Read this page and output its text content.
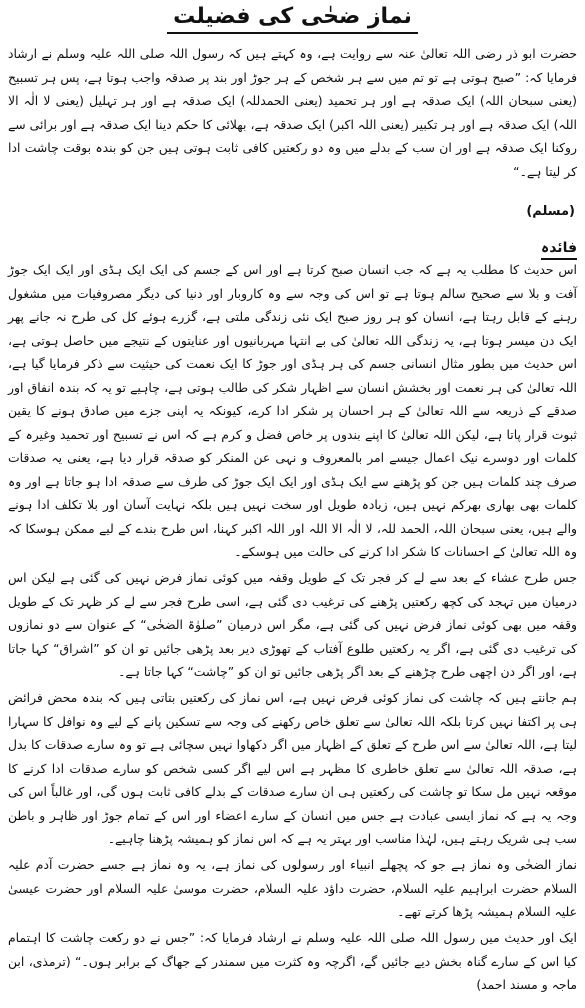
نماز ضحٰی کی فضیلت
حضرت ابو ذر رضی اللہ تعالیٰ عنہ سے روایت ہے، وہ کہتے ہیں کہ رسول اللہ صلی اللہ علیہ وسلم نے ارشاد فرمایا کہ: ”صبح ہوتی ہے تو تم میں سے ہر شخص کے ہر جوڑ اور بند پر صدقہ واجب ہوتا ہے، پس ہر تسبیح (یعنی سبحان اللہ) ایک صدقہ ہے اور ہر تحمید (یعنی الحمدللہ) ایک صدقہ ہے اور ہر تہلیل (یعنی لا الٰہ الا اللہ) ایک صدقہ ہے اور ہر تکبیر (یعنی اللہ اکبر) ایک صدقہ ہے، بھلائی کا حکم دینا ایک صدقہ ہے اور برائی سے روکنا ایک صدقہ ہے اور ان سب کے بدلے میں وہ دو رکعتیں کافی ثابت ہوتی ہیں جن کو بندہ بوقت چاشت ادا کر لیتا ہے۔“
(مسلم)
فائدہ
اس حدیث کا مطلب یہ ہے کہ جب انسان صبح کرتا ہے اور اس کے جسم کی ایک ایک ہڈی اور ایک ایک جوڑ آفت و بلا سے صحیح سالم ہوتا ہے تو اس کی وجہ سے وہ کاروبار اور دنیا کی دیگر مصروفیات میں مشغول رہنے کے قابل رہتا ہے، انسان کو ہر روز صبح ایک نئی زندگی ملتی ہے، گزرے ہوئے کل کی طرح نہ جانے پھر ایک دن میسر ہوتا ہے، یہ زندگی اللہ تعالیٰ کی بے انتہا مہربانیوں اور عنایتوں کے نتیجے میں حاصل ہوتی ہے، اس حدیث میں بطور مثال انسانی جسم کی ہر ہڈی اور جوڑ کا ایک نعمت کی حیثیت سے ذکر فرمایا گیا ہے، اللہ تعالیٰ کی ہر نعمت اور بخشش انسان سے اظہار شکر کی طالب ہوتی ہے، چاہیے تو یہ کہ بندہ انفاق اور صدقے کے ذریعہ سے اللہ تعالیٰ کے ہر احسان پر شکر ادا کرے، کیونکہ یہ اپنی جزے میں صادق ہونے کا یقین ثبوت قرار پاتا ہے، لیکن اللہ تعالیٰ کا اپنے بندوں پر خاص فضل و کرم ہے کہ اس نے تسبیح اور تحمید وغیرہ کے کلمات اور دوسرے نیک اعمال جیسے امر بالمعروف و نہی عن المنکر کو صدقہ قرار دیا ہے، یعنی یہ صدقات صرف چند کلمات ہیں جن کو پڑھنے سے ایک ہڈی اور ایک ایک جوڑ کی طرف سے صدقہ ادا ہو جاتا ہے اور وہ کلمات بھی بھاری بھرکم نہیں ہیں، زیادہ طویل اور سخت نہیں ہیں بلکہ نہایت آسان اور بلا تکلف ادا ہونے والے ہیں، یعنی سبحان اللہ، الحمد للہ، لا الٰہ الا اللہ اور اللہ اکبر کہنا، اس طرح بندے کے لیے ممکن ہوسکا کہ وہ اللہ تعالیٰ کے احسانات کا شکر ادا کرنے کی حالت میں ہوسکے۔
جس طرح عشاء کے بعد سے لے کر فجر تک کے طویل وقفہ میں کوئی نماز فرض نہیں کی گئی ہے لیکن اس درمیان میں تہجد کی کچھ رکعتیں پڑھنے کی ترغیب دی گئی ہے، اسی طرح فجر سے لے کر ظہر تک کے طویل وقفہ میں بھی کوئی نماز فرض نہیں کی گئی ہے، مگر اس درمیان ”صلوٰۃ الضحٰی“ کے عنوان سے دو نمازوں کی ترغیب دی گئی ہے، اگر یہ رکعتیں طلوع آفتاب کے تھوڑی دیر بعد پڑھی جائیں تو ان کو ”اشراق“ کہا جاتا ہے، اور اگر دن اچھی طرح چڑھنے کے بعد اگر پڑھی جائیں تو ان کو ”چاشت“ کہا جاتا ہے۔
ہم جانتے ہیں کہ چاشت کی نماز کوئی فرض نہیں ہے، اس نماز کی رکعتیں بتاتی ہیں کہ بندہ محض فرائض ہی پر اکتفا نہیں کرتا بلکہ اللہ تعالیٰ سے تعلق خاص رکھنے کی وجہ سے تسکین پانے کے لیے وہ نوافل کا سہارا لیتا ہے، اللہ تعالیٰ سے اس طرح کے تعلق کے اظہار میں اگر دکھاوا نہیں سچائی ہے تو وہ سارے صدقات کا بدل ہے، صدقہ اللہ تعالیٰ سے تعلق خاطری کا مظہر ہے اس لیے اگر کسی شخص کو سارے صدقات ادا کرنے کا موقعہ نہیں مل سکا تو چاشت کی رکعتیں ہی ان سارے صدقات کے بدلے کافی ثابت ہوں گی، اور غالباً اس کی وجہ یہ ہے کہ نماز ایسی عبادت ہے جس میں انسان کے سارے اعضاء اور اس کے تمام جوڑ اور ظاہر و باطن سب ہی شریک رہتے ہیں، لہٰذا مناسب اور بہتر یہ ہے کہ اس نماز کو ہمیشہ پڑھنا چاہیے۔
نماز الضحٰی وہ نماز ہے جو کہ پچھلے انبیاء اور رسولوں کی نماز ہے، یہ وہ نماز ہے جسے حضرت آدم علیہ السلام حضرت ابراہیم علیہ السلام، حضرت داؤد علیہ السلام، حضرت موسیٰ علیہ السلام اور حضرت عیسیٰ علیہ السلام ہمیشہ پڑھا کرتے تھے۔
ایک اور حدیث میں رسول اللہ صلی اللہ علیہ وسلم نے ارشاد فرمایا کہ: ”جس نے دو رکعت چاشت کا اہتمام کیا اس کے سارے گناہ بخش دیے جائیں گے، اگرچہ وہ کثرت میں سمندر کے جھاگ کے برابر ہوں۔“ (ترمذی، ابن ماجہ و مسند احمد)
